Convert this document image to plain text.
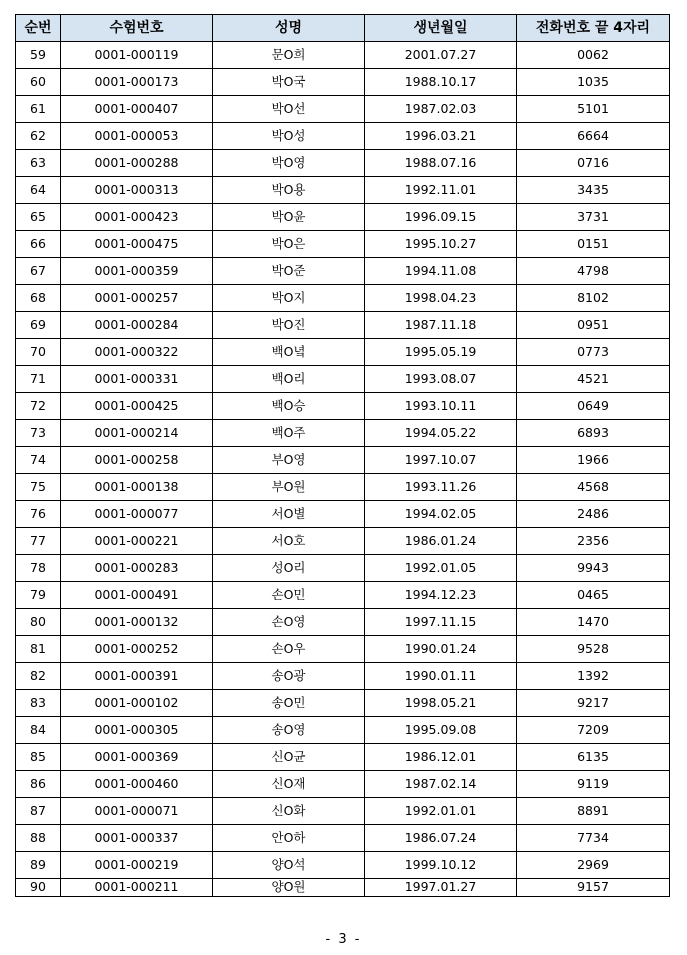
순번	수험번호	성명	생년월일	전화번호 끝 4자리
59	0001-000119	문O희	2001.07.27	0062
60	0001-000173	박O국	1988.10.17	1035
61	0001-000407	박O선	1987.02.03	5101
62	0001-000053	박O성	1996.03.21	6664
63	0001-000288	박O영	1988.07.16	0716
64	0001-000313	박O용	1992.11.01	3435
65	0001-000423	박O윤	1996.09.15	3731
66	0001-000475	박O은	1995.10.27	0151
67	0001-000359	박O준	1994.11.08	4798
68	0001-000257	박O지	1998.04.23	8102
69	0001-000284	박O진	1987.11.18	0951
70	0001-000322	백O녘	1995.05.19	0773
71	0001-000331	백O리	1993.08.07	4521
72	0001-000425	백O승	1993.10.11	0649
73	0001-000214	백O주	1994.05.22	6893
74	0001-000258	부O영	1997.10.07	1966
75	0001-000138	부O원	1993.11.26	4568
76	0001-000077	서O별	1994.02.05	2486
77	0001-000221	서O호	1986.01.24	2356
78	0001-000283	성O리	1992.01.05	9943
79	0001-000491	손O민	1994.12.23	0465
80	0001-000132	손O영	1997.11.15	1470
81	0001-000252	손O우	1990.01.24	9528
82	0001-000391	송O광	1990.01.11	1392
83	0001-000102	송O민	1998.05.21	9217
84	0001-000305	송O영	1995.09.08	7209
85	0001-000369	신O균	1986.12.01	6135
86	0001-000460	신O재	1987.02.14	9119
87	0001-000071	신O화	1992.01.01	8891
88	0001-000337	안O하	1986.07.24	7734
89	0001-000219	양O석	1999.10.12	2969
90	0001-000211	양O원	1997.01.27	9157
- 3 -
